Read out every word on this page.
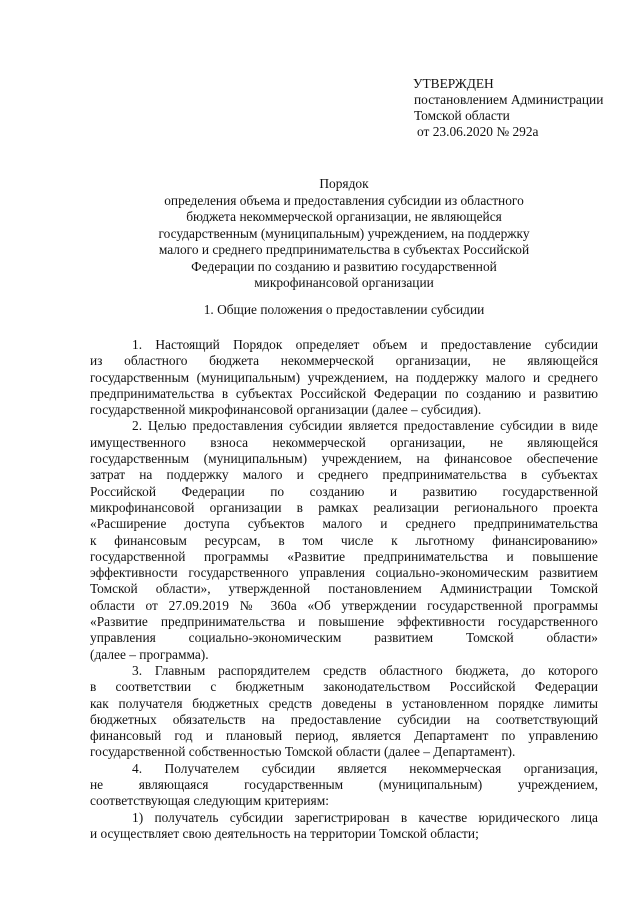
УТВЕРЖДЕН
постановлением Администрации
Томской области
от 23.06.2020 № 292а
Порядок
определения объема и предоставления субсидии из областного
бюджета некоммерческой организации, не являющейся
государственным (муниципальным) учреждением, на поддержку
малого и среднего предпринимательства в субъектах Российской
Федерации по созданию и развитию государственной
микрофинансовой организации
1. Общие положения о предоставлении субсидии
1. Настоящий Порядок определяет объем и предоставление субсидии
из областного бюджета некоммерческой организации, не являющейся
государственным (муниципальным) учреждением, на поддержку малого и среднего
предпринимательства в субъектах Российской Федерации по созданию и развитию
государственной микрофинансовой организации (далее – субсидия).
2. Целью предоставления субсидии является предоставление субсидии в виде
имущественного взноса некоммерческой организации, не являющейся
государственным (муниципальным) учреждением, на финансовое обеспечение
затрат на поддержку малого и среднего предпринимательства в субъектах
Российской Федерации по созданию и развитию государственной
микрофинансовой организации в рамках реализации регионального проекта
«Расширение доступа субъектов малого и среднего предпринимательства
к финансовым ресурсам, в том числе к льготному финансированию»
государственной программы «Развитие предпринимательства и повышение
эффективности государственного управления социально-экономическим развитием
Томской области», утвержденной постановлением Администрации Томской
области от 27.09.2019 № 360а «Об утверждении государственной программы
«Развитие предпринимательства и повышение эффективности государственного
управления социально-экономическим развитием Томской области»
(далее – программа).
3. Главным распорядителем средств областного бюджета, до которого
в соответствии с бюджетным законодательством Российской Федерации
как получателя бюджетных средств доведены в установленном порядке лимиты
бюджетных обязательств на предоставление субсидии на соответствующий
финансовый год и плановый период, является Департамент по управлению
государственной собственностью Томской области (далее – Департамент).
4. Получателем субсидии является некоммерческая организация,
не являющаяся государственным (муниципальным) учреждением,
соответствующая следующим критериям:
1) получатель субсидии зарегистрирован в качестве юридического лица
и осуществляет свою деятельность на территории Томской области;
